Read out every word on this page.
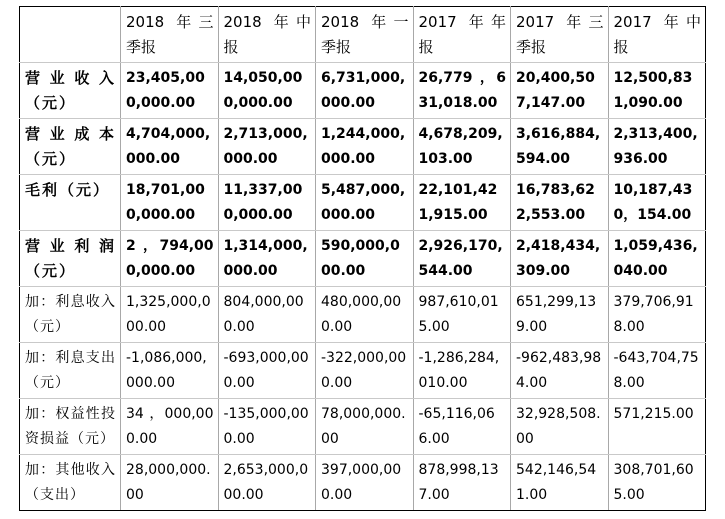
	2018 年三季报	2018 年中报	2018 年一季报	2017 年年报	2017 年三季报	2017 年中报
营业收入（元）	23,405,000,000.00	14,050,000,000.00	6,731,000,000.00	26,779 ，631,018.00	20,400,507,147.00	12,500,831,090.00
营业成本（元）	4,704,000,000.00	2,713,000,000.00	1,244,000,000.00	4,678,209,103.00	3,616,884,594.00	2,313,400,936.00
毛利（元）	18,701,000,000.00	11,337,000,000.00	5,487,000,000.00	22,101,421,915.00	16,783,622,553.00	10,187,430，154.00
营业利润（元）	2 ，794,000,000.00	1,314,000,000.00	590,000,000.00	2,926,170,544.00	2,418,434,309.00	1,059,436,040.00
加：利息收入（元）	1,325,000,000.00	804,000,000.00	480,000,000.00	987,610,015.00	651,299,139.00	379,706,918.00
加：利息支出（元）	-1,086,000,000.00	-693,000,000.00	-322,000,000.00	-1,286,284,010.00	-962,483,984.00	-643,704,758.00
加：权益性投资损益（元）	34 ，000,000.00	-135,000,000.00	78,000,000.00	-65,116,066.00	32,928,508.00	571,215.00
加：其他收入（支出）	28,000,000.00	2,653,000,000.00	397,000,000.00	878,998,137.00	542,146,541.00	308,701,605.00
